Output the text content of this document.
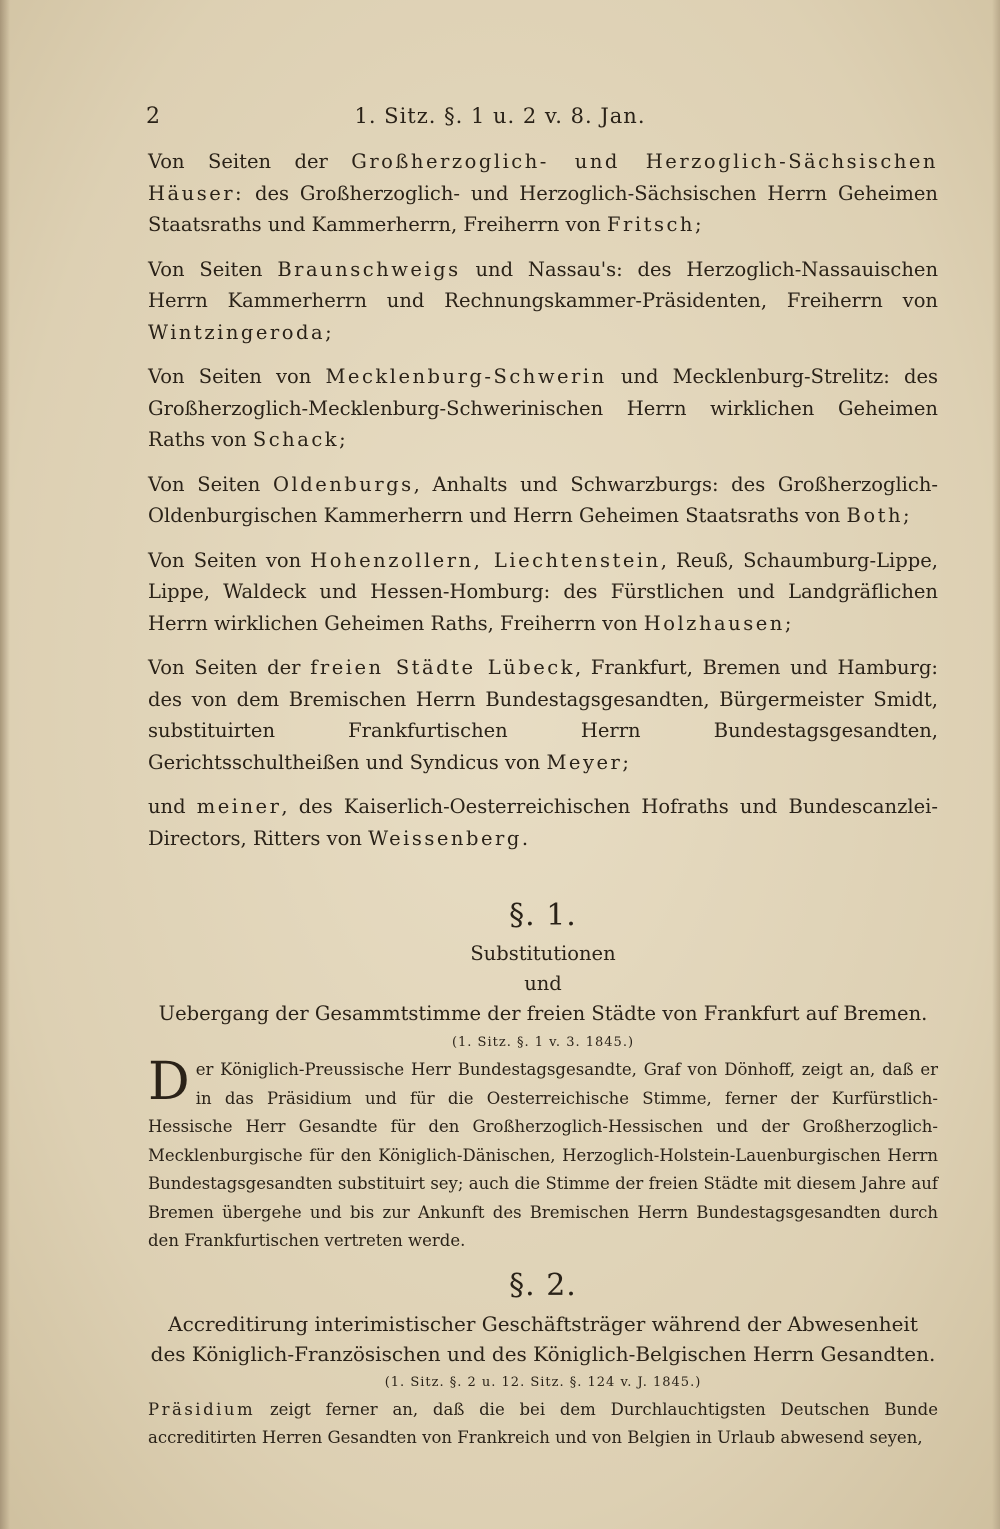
2	1. Sitz. §. 1 u. 2 v. 8. Jan.

Von Seiten der Großherzoglich- und Herzoglich-Sächsischen Häuser: des Großherzoglich- und Herzoglich-Sächsischen Herrn Geheimen Staatsraths und Kammerherrn, Freiherrn von Fritsch;

Von Seiten Braunschweigs und Nassau's: des Herzoglich-Nassauischen Herrn Kammerherrn und Rechnungskammer-Präsidenten, Freiherrn von Wintzingeroda;

Von Seiten von Mecklenburg-Schwerin und Mecklenburg-Strelitz: des Großherzoglich-Mecklenburg-Schwerinischen Herrn wirklichen Geheimen Raths von Schack;

Von Seiten Oldenburgs, Anhalts und Schwarzburgs: des Großherzoglich-Oldenburgischen Kammerherrn und Herrn Geheimen Staatsraths von Both;

Von Seiten von Hohenzollern, Liechtenstein, Reuß, Schaumburg-Lippe, Lippe, Waldeck und Hessen-Homburg: des Fürstlichen und Landgräflichen Herrn wirklichen Geheimen Raths, Freiherrn von Holzhausen;

Von Seiten der freien Städte Lübeck, Frankfurt, Bremen und Hamburg: des von dem Bremischen Herrn Bundestagsgesandten, Bürgermeister Smidt, substituirten Frankfurtischen Herrn Bundestagsgesandten, Gerichtsschultheißen und Syndicus von Meyer;

und meiner, des Kaiserlich-Oesterreichischen Hofraths und Bundescanzlei-Directors, Ritters von Weissenberg.

§. 1.

Substitutionen

und

Uebergang der Gesammtstimme der freien Städte von Frankfurt auf Bremen.

(1. Sitz. §. 1 v. 3. 1845.)

Der Königlich-Preussische Herr Bundestagsgesandte, Graf von Dönhoff, zeigt an, daß er in das Präsidium und für die Oesterreichische Stimme, ferner der Kurfürstlich-Hessische Herr Gesandte für den Großherzoglich-Hessischen und der Großherzoglich-Mecklenburgische für den Königlich-Dänischen, Herzoglich-Holstein-Lauenburgischen Herrn Bundestagsgesandten substituirt sey; auch die Stimme der freien Städte mit diesem Jahre auf Bremen übergehe und bis zur Ankunft des Bremischen Herrn Bundestagsgesandten durch den Frankfurtischen vertreten werde.

§. 2.

Accreditirung interimistischer Geschäftsträger während der Abwesenheit des Königlich-Französischen und des Königlich-Belgischen Herrn Gesandten.

(1. Sitz. §. 2 u. 12. Sitz. §. 124 v. J. 1845.)

Präsidium zeigt ferner an, daß die bei dem Durchlauchtigsten Deutschen Bunde accreditirten Herren Gesandten von Frankreich und von Belgien in Urlaub abwesend seyen,
